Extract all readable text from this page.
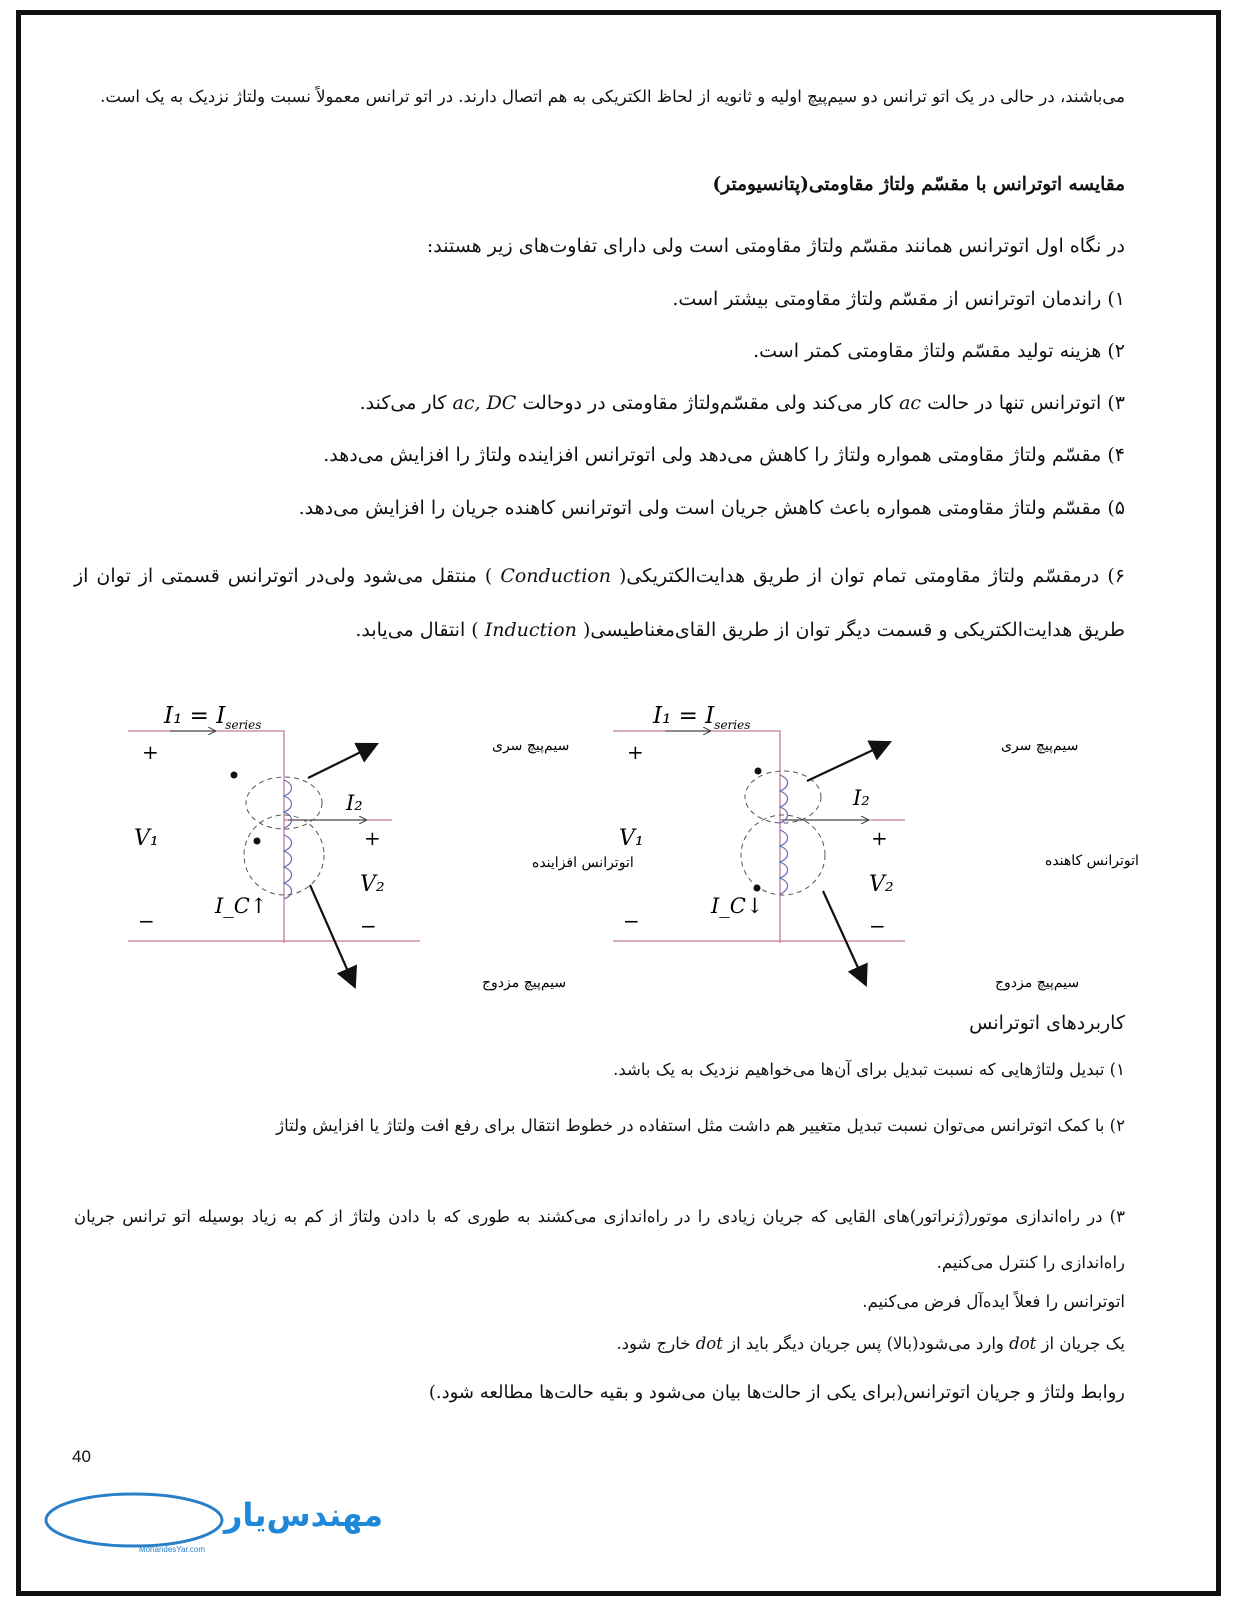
می‌باشند، در حالی در یک اتو ترانس دو سیم‌پیچ اولیه و ثانویه از لحاظ الکتریکی به هم اتصال دارند. در اتو ترانس معمولاً نسبت ولتاژ نزدیک به یک است.
مقایسه اتوترانس با مقسّم ولتاژ مقاومتی(پتانسیومتر)
در نگاه اول اتوترانس همانند مقسّم ولتاژ مقاومتی است ولی دارای تفاوت‌های زیر هستند:
۱) راندمان اتوترانس از مقسّم ولتاژ مقاومتی بیشتر است.
۲) هزینه تولید مقسّم ولتاژ مقاومتی کمتر است.
۳) اتوترانس تنها در حالت ac کار می‌کند ولی مقسّم‌ولتاژ مقاومتی در دوحالت ac, DC کار می‌کند.
۴) مقسّم ولتاژ مقاومتی همواره ولتاژ را کاهش می‌دهد ولی اتوترانس افزاینده ولتاژ را افزایش می‌دهد.
۵) مقسّم ولتاژ مقاومتی همواره باعث کاهش جریان است ولی اتوترانس کاهنده جریان را افزایش می‌دهد.
۶) درمقسّم ولتاژ مقاومتی تمام توان از طریق هدایت‌الکتریکی( Conduction ) منتقل می‌شود ولی‌در اتوترانس قسمتی از توان از طریق هدایت‌الکتریکی و قسمت دیگر توان از طریق القای‌مغناطیسی( Induction ) انتقال می‌یابد.
$I_1 = I_{series}$
+
V₁
−
I₂
+
V₂
−
I_C↑
سیم‌پیچ سری
اتوترانس افزاینده
سیم‌پیچ مزدوج
$I_1 = I_{series}$
+
V₁
−
I₂
+
V₂
−
I_C↓
سیم‌پیچ سری
اتوترانس کاهنده
سیم‌پیچ مزدوج
کاربردهای اتوترانس
۱) تبدیل ولتاژهایی که نسبت تبدیل برای آن‌ها می‌خواهیم نزدیک به یک باشد.
۲) با کمک اتوترانس می‌توان نسبت تبدیل متغییر هم داشت مثل استفاده در خطوط انتقال برای رفع افت ولتاژ یا افزایش ولتاژ
۳) در راه‌اندازی موتور(ژنراتور)های القایی که جریان زیادی را در راه‌اندازی می‌کشند به طوری که با دادن ولتاژ از کم به زیاد بوسیله اتو ترانس جریان راه‌اندازی را کنترل می‌کنیم.
اتوترانس را فعلاً ایده‌آل فرض می‌کنیم.
یک جریان از dot وارد می‌شود(بالا) پس جریان دیگر باید از dot خارج شود.
روابط ولتاژ و جریان اتوترانس(برای یکی از حالت‌ها بیان می‌شود و بقیه حالت‌ها مطالعه شود.)
40
مهندس‌یار
MohandesYar.com
